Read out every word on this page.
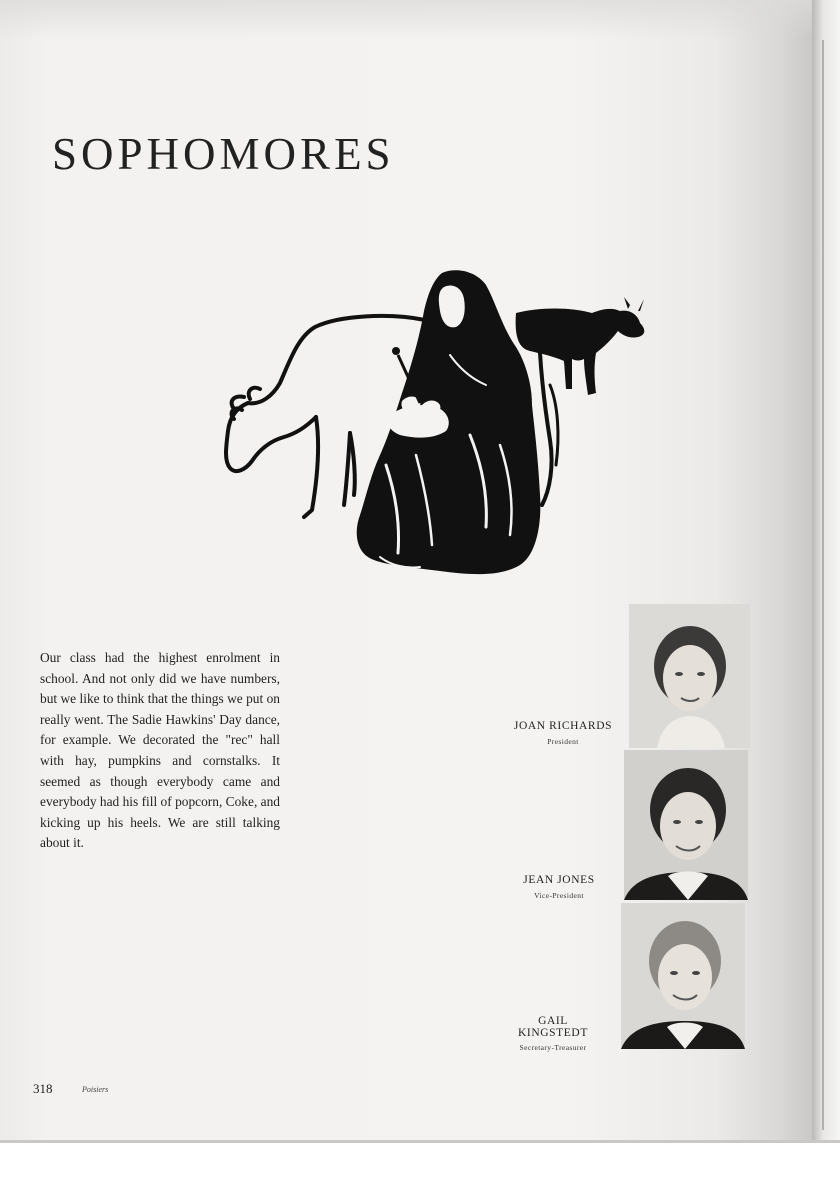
SOPHOMORES

Our class had the highest enrolment in school. And not only did we have numbers, but we like to think that the things we put on really went. The Sadie Hawkins' Day dance, for example. We decorated the "rec" hall with hay, pumpkins and cornstalks. It seemed as though everybody came and everybody had his fill of popcorn, Coke, and kicking up his heels. We are still talking about it.

JOAN RICHARDS
President
JEAN JONES
Vice-President
GAIL
KINGSTEDT
Secretary-Treasurer
318	Poisiers
